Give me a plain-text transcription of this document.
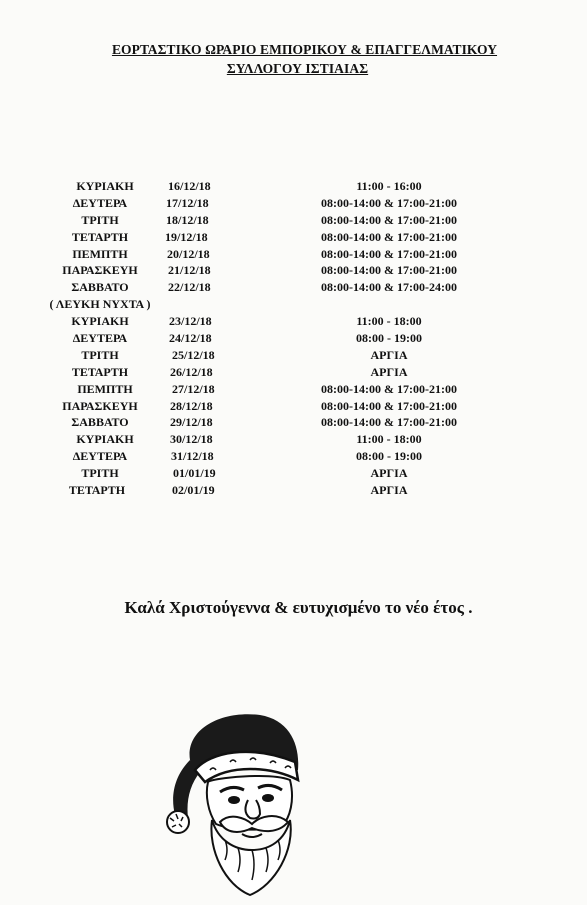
ΕΟΡΤΑΣΤΙΚΟ ΩΡΑΡΙΟ ΕΜΠΟΡΙΚΟΥ & ΕΠΑΓΓΕΛΜΑΤΙΚΟΥ
ΣΥΛΛΟΓΟΥ ΙΣΤΙΑΙΑΣ
ΚΥΡΙΑΚΗ	16/12/18	11:00 - 16:00
ΔΕΥΤΕΡΑ	17/12/18	08:00-14:00 & 17:00-21:00
ΤΡΙΤΗ	18/12/18	08:00-14:00 & 17:00-21:00
ΤΕΤΑΡΤΗ	19/12/18	08:00-14:00 & 17:00-21:00
ΠΕΜΠΤΗ	20/12/18	08:00-14:00 & 17:00-21:00
ΠΑΡΑΣΚΕΥΗ	21/12/18	08:00-14:00 & 17:00-21:00
ΣΑΒΒΑΤΟ	22/12/18	08:00-14:00 & 17:00-24:00
( ΛΕΥΚΗ ΝΥΧΤΑ )
ΚΥΡΙΑΚΗ	23/12/18	11:00 - 18:00
ΔΕΥΤΕΡΑ	24/12/18	08:00 - 19:00
ΤΡΙΤΗ	25/12/18	ΑΡΓΙΑ
ΤΕΤΑΡΤΗ	26/12/18	ΑΡΓΙΑ
ΠΕΜΠΤΗ	27/12/18	08:00-14:00 & 17:00-21:00
ΠΑΡΑΣΚΕΥΗ	28/12/18	08:00-14:00 & 17:00-21:00
ΣΑΒΒΑΤΟ	29/12/18	08:00-14:00 & 17:00-21:00
ΚΥΡΙΑΚΗ	30/12/18	11:00 - 18:00
ΔΕΥΤΕΡΑ	31/12/18	08:00 - 19:00
ΤΡΙΤΗ	01/01/19	ΑΡΓΙΑ
ΤΕΤΑΡΤΗ	02/01/19	ΑΡΓΙΑ
Καλά Χριστούγεννα & ευτυχισμένο το νέο έτος .
